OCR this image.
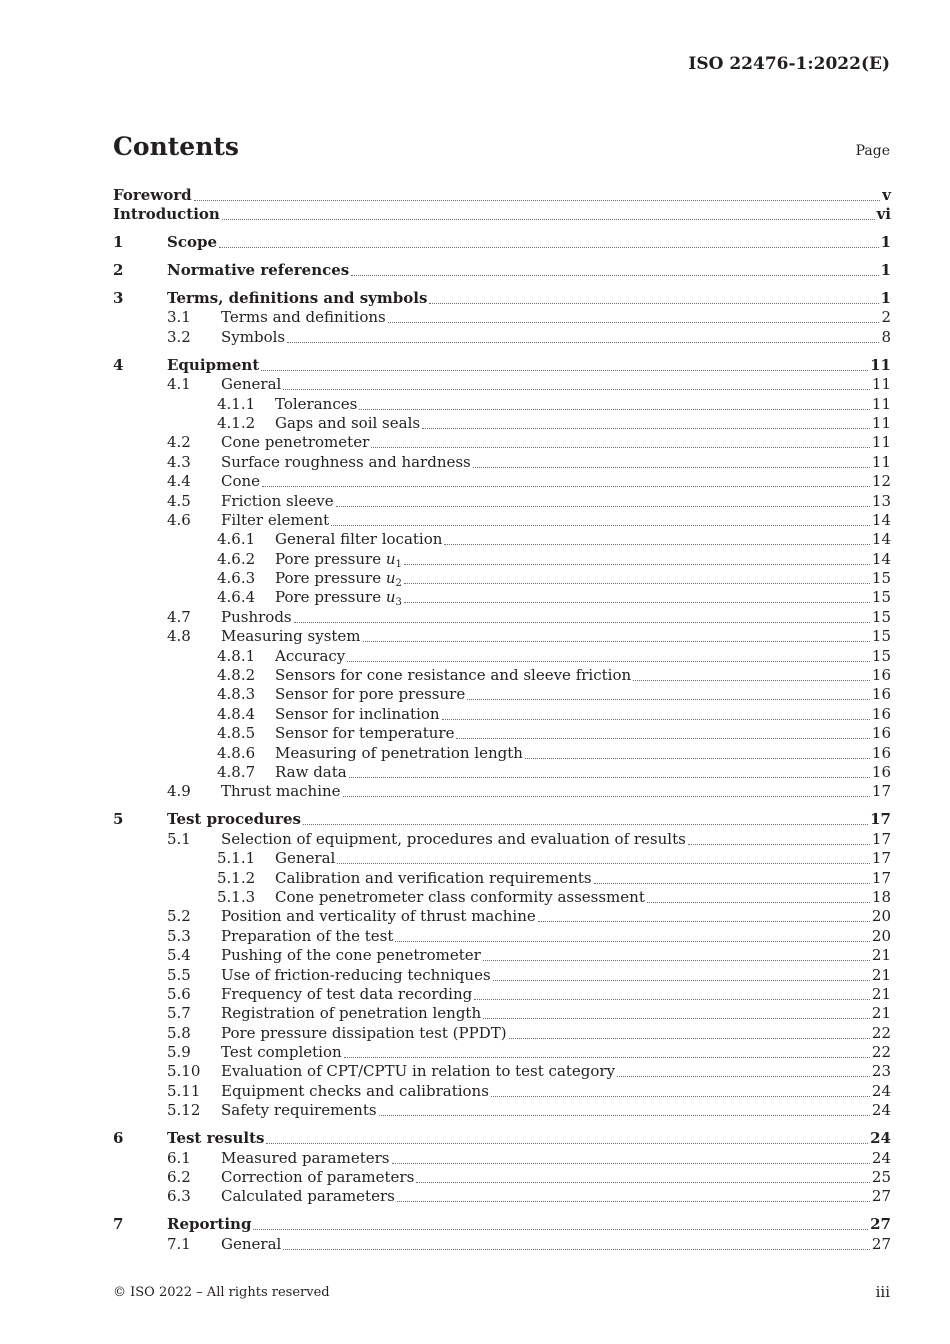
ISO 22476-1:2022(E)
Contents	Page
Foreword	v
Introduction	vi
1	Scope	1
2	Normative references	1
3	Terms, definitions and symbols	1
3.1	Terms and definitions	2
3.2	Symbols	8
4	Equipment	11
4.1	General	11
4.1.1	Tolerances	11
4.1.2	Gaps and soil seals	11
4.2	Cone penetrometer	11
4.3	Surface roughness and hardness	11
4.4	Cone	12
4.5	Friction sleeve	13
4.6	Filter element	14
4.6.1	General filter location	14
4.6.2	Pore pressure $u_1$	14
4.6.3	Pore pressure $u_2$	15
4.6.4	Pore pressure $u_3$	15
4.7	Pushrods	15
4.8	Measuring system	15
4.8.1	Accuracy	15
4.8.2	Sensors for cone resistance and sleeve friction	16
4.8.3	Sensor for pore pressure	16
4.8.4	Sensor for inclination	16
4.8.5	Sensor for temperature	16
4.8.6	Measuring of penetration length	16
4.8.7	Raw data	16
4.9	Thrust machine	17
5	Test procedures	17
5.1	Selection of equipment, procedures and evaluation of results	17
5.1.1	General	17
5.1.2	Calibration and verification requirements	17
5.1.3	Cone penetrometer class conformity assessment	18
5.2	Position and verticality of thrust machine	20
5.3	Preparation of the test	20
5.4	Pushing of the cone penetrometer	21
5.5	Use of friction-reducing techniques	21
5.6	Frequency of test data recording	21
5.7	Registration of penetration length	21
5.8	Pore pressure dissipation test (PPDT)	22
5.9	Test completion	22
5.10	Evaluation of CPT/CPTU in relation to test category	23
5.11	Equipment checks and calibrations	24
5.12	Safety requirements	24
6	Test results	24
6.1	Measured parameters	24
6.2	Correction of parameters	25
6.3	Calculated parameters	27
7	Reporting	27
7.1	General	27
© ISO 2022 – All rights reserved	iii
